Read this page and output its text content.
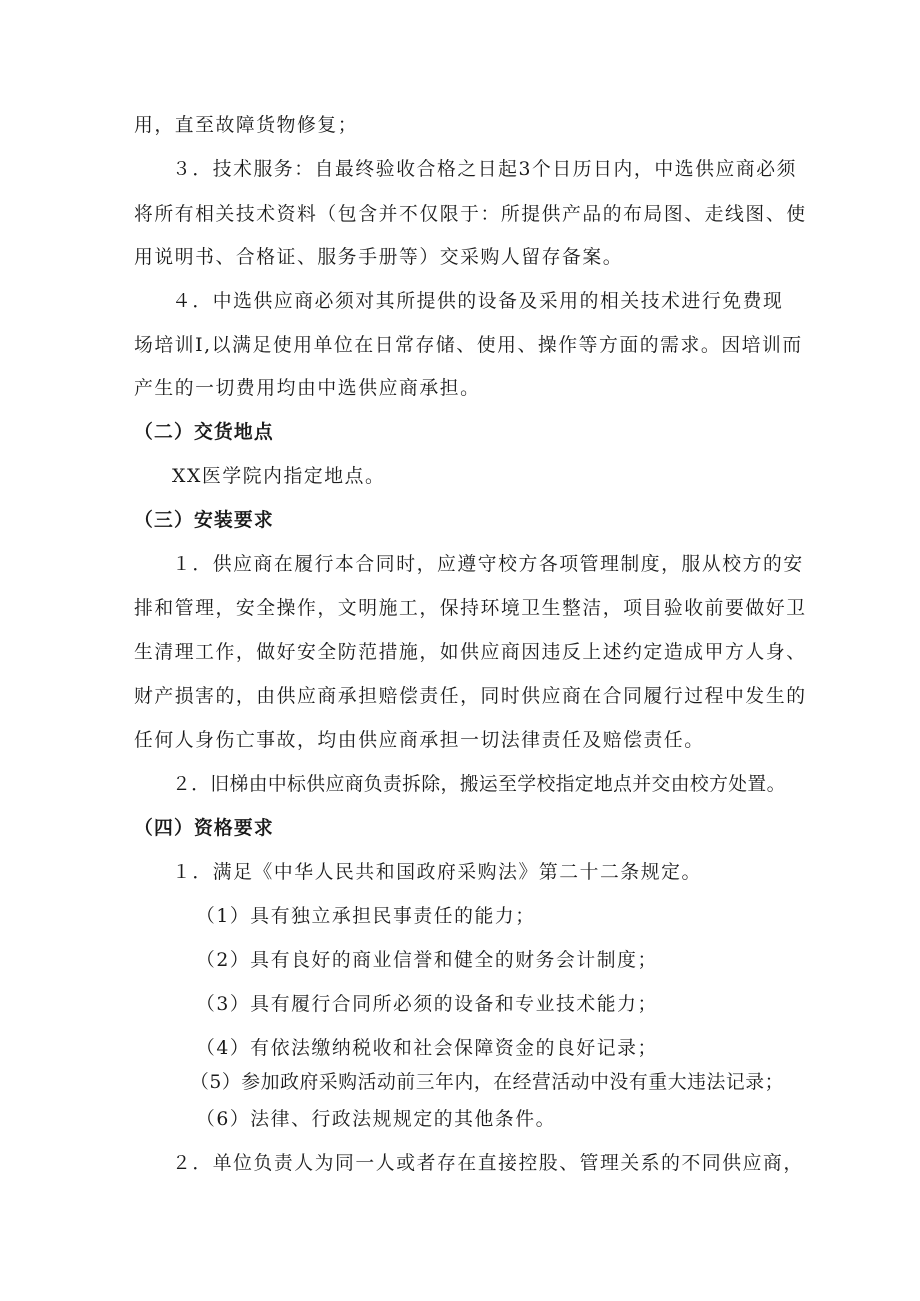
用，直至故障货物修复；

３．技术服务：自最终验收合格之日起3个日历日内，中选供应商必须

将所有相关技术资料（包含并不仅限于：所提供产品的布局图、走线图、使

用说明书、合格证、服务手册等）交采购人留存备案。

４．中选供应商必须对其所提供的设备及采用的相关技术进行免费现

场培训I,以满足使用单位在日常存储、使用、操作等方面的需求。因培训而

产生的一切费用均由中选供应商承担。

（二）交货地点

XX医学院内指定地点。

（三）安装要求

１．供应商在履行本合同时，应遵守校方各项管理制度，服从校方的安

排和管理，安全操作，文明施工，保持环境卫生整洁，项目验收前要做好卫

生清理工作，做好安全防范措施，如供应商因违反上述约定造成甲方人身、

财产损害的，由供应商承担赔偿责任，同时供应商在合同履行过程中发生的

任何人身伤亡事故，均由供应商承担一切法律责任及赔偿责任。

２．旧梯由中标供应商负责拆除，搬运至学校指定地点并交由校方处置。

（四）资格要求

１．满足《中华人民共和国政府采购法》第二十二条规定。

（1）具有独立承担民事责任的能力；

（2）具有良好的商业信誉和健全的财务会计制度；

（3）具有履行合同所必须的设备和专业技术能力；

（4）有依法缴纳税收和社会保障资金的良好记录；

（5）参加政府采购活动前三年内，在经营活动中没有重大违法记录；

（6）法律、行政法规规定的其他条件。

２．单位负责人为同一人或者存在直接控股、管理关系的不同供应商，
